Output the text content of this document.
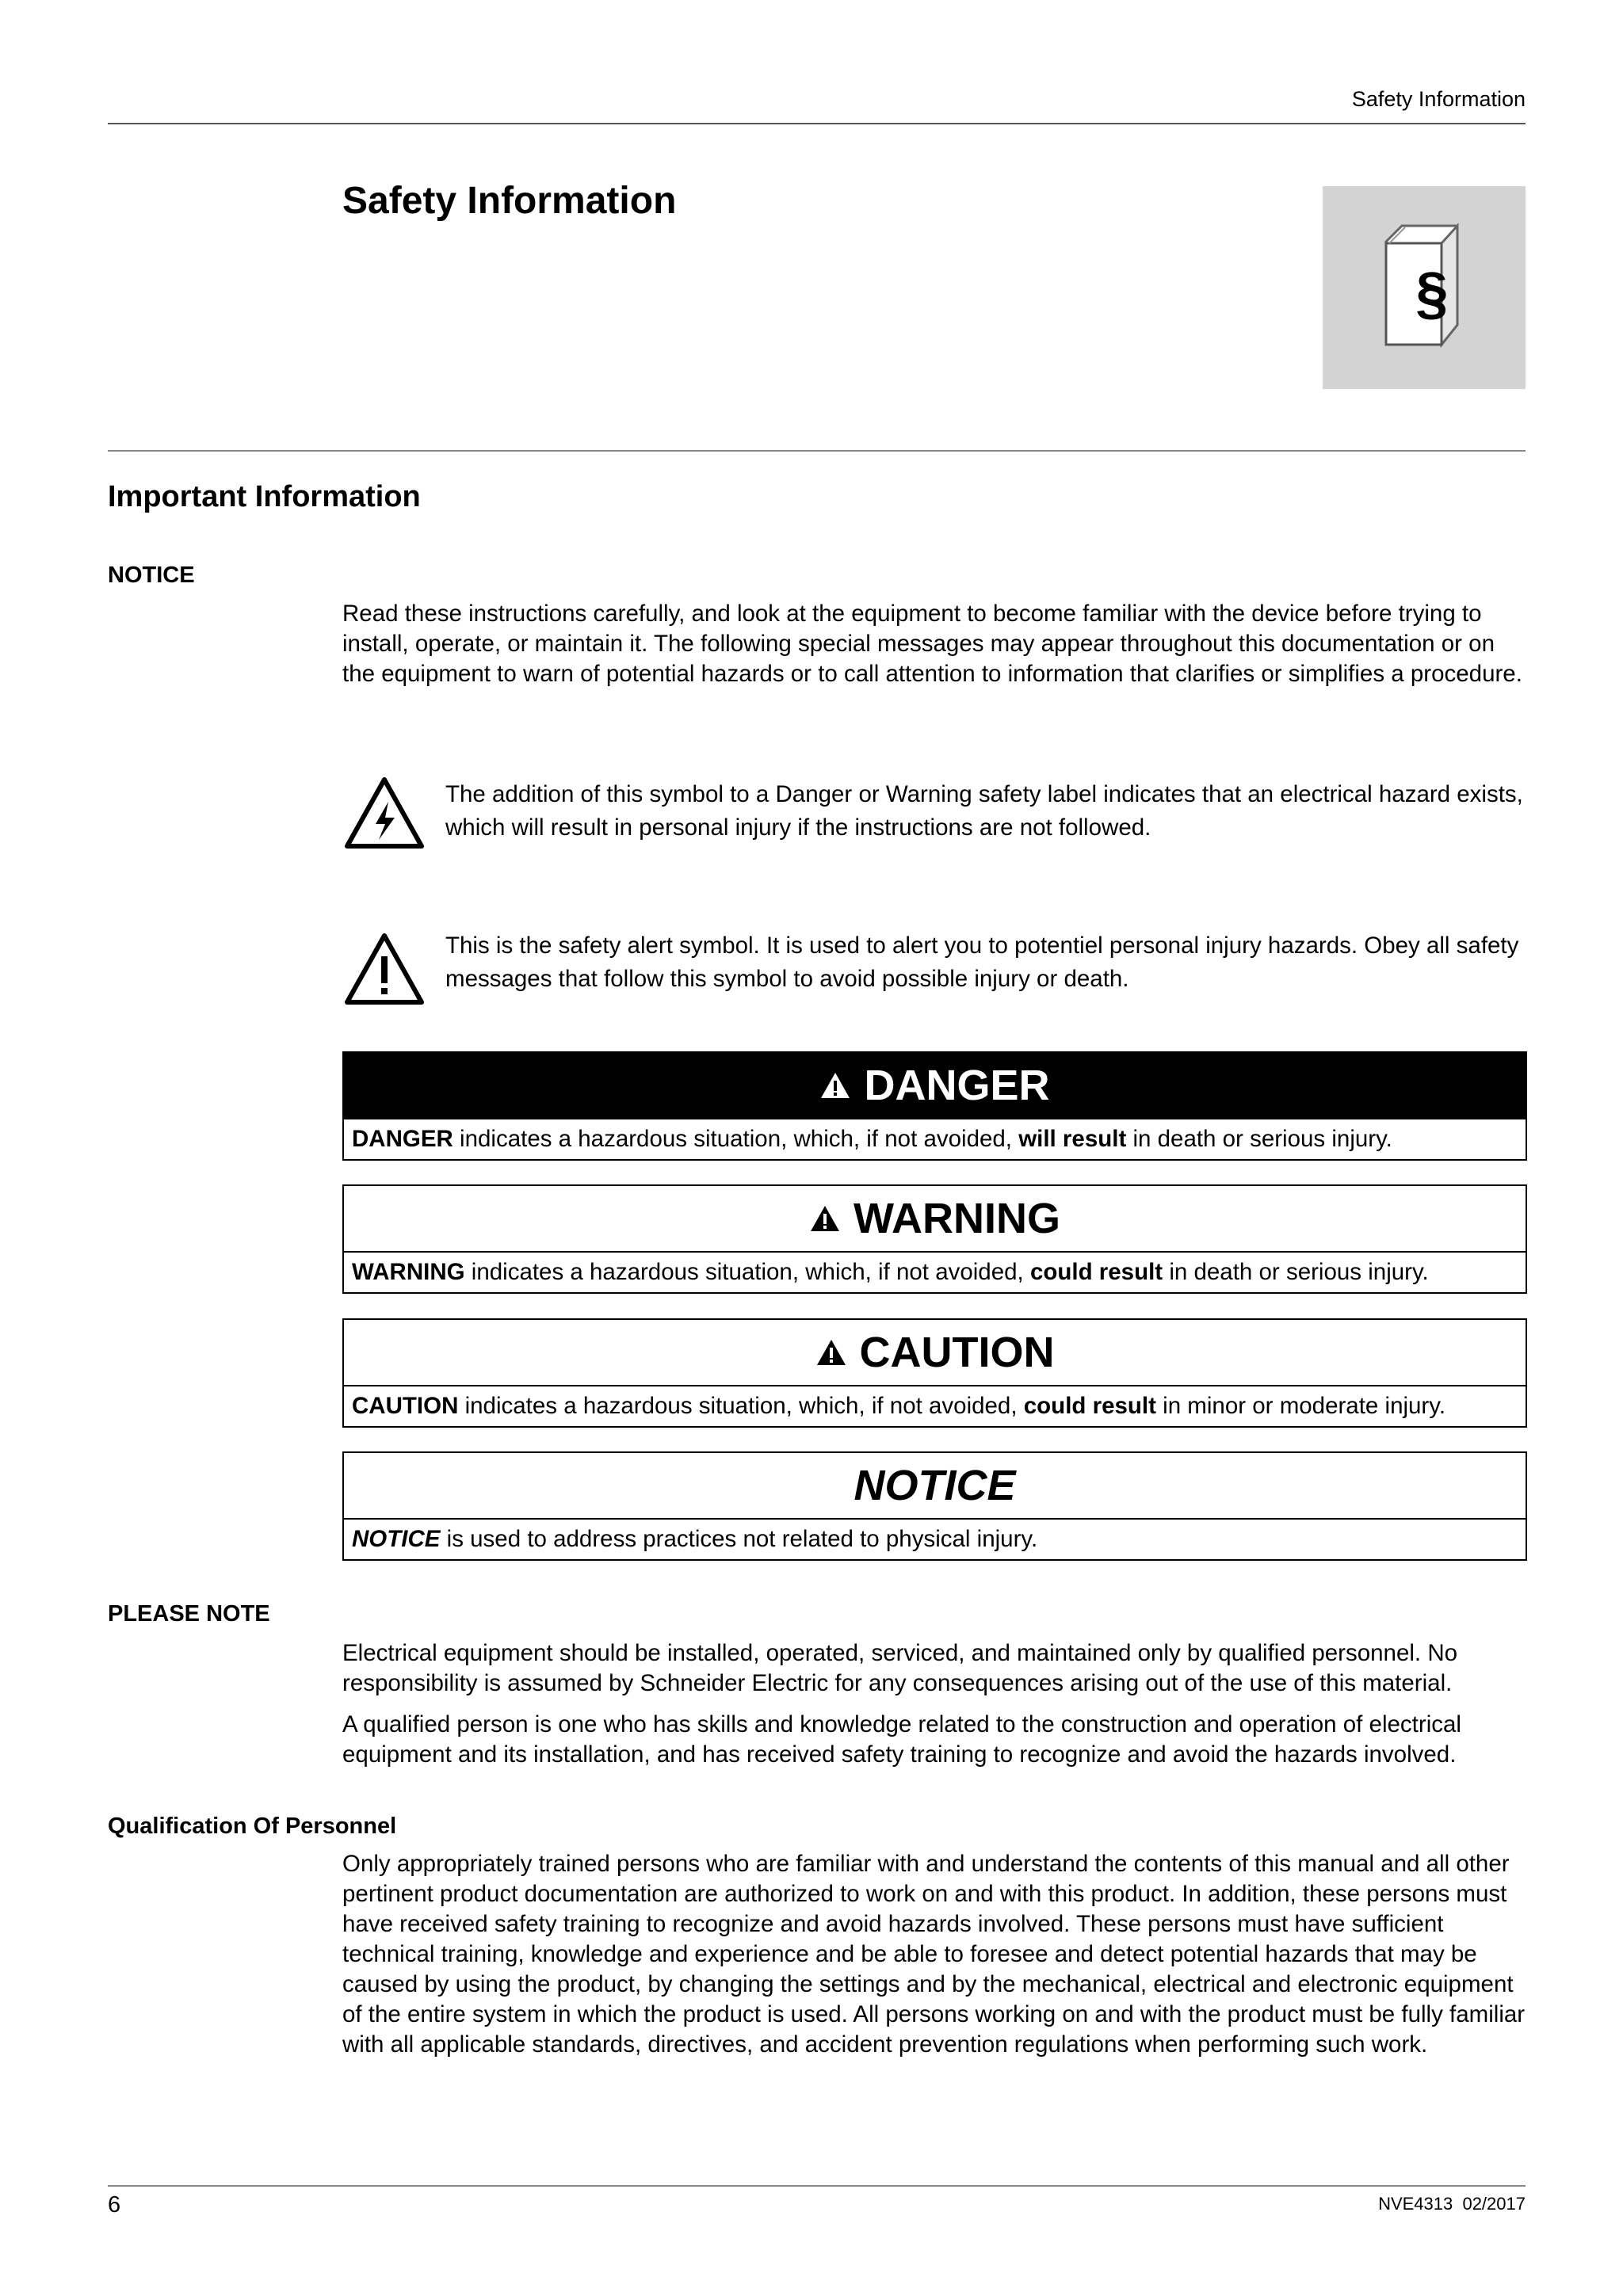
Safety Information
Safety Information
§
Important Information
NOTICE
Read these instructions carefully, and look at the equipment to become familiar with the device before trying to install, operate, or maintain it. The following special messages may appear throughout this documentation or on the equipment to warn of potential hazards or to call attention to information that clarifies or simplifies a procedure.
The addition of this symbol to a Danger or Warning safety label indicates that an electrical hazard exists, which will result in personal injury if the instructions are not followed.
This is the safety alert symbol. It is used to alert you to potentiel personal injury hazards. Obey all safety messages that follow this symbol to avoid possible injury or death.
DANGER
DANGER indicates a hazardous situation, which, if not avoided, will result in death or serious injury.
WARNING
WARNING indicates a hazardous situation, which, if not avoided, could result in death or serious injury.
CAUTION
CAUTION indicates a hazardous situation, which, if not avoided, could result in minor or moderate injury.
NOTICE
NOTICE is used to address practices not related to physical injury.
PLEASE NOTE

Electrical equipment should be installed, operated, serviced, and maintained only by qualified personnel. No responsibility is assumed by Schneider Electric for any consequences arising out of the use of this material.

A qualified person is one who has skills and knowledge related to the construction and operation of electrical equipment and its installation, and has received safety training to recognize and avoid the hazards involved.

Qualification Of Personnel
Only appropriately trained persons who are familiar with and understand the contents of this manual and all other pertinent product documentation are authorized to work on and with this product. In addition, these persons must have received safety training to recognize and avoid hazards involved. These persons must have sufficient technical training, knowledge and experience and be able to foresee and detect potential hazards that may be caused by using the product, by changing the settings and by the mechanical, electrical and electronic equipment of the entire system in which the product is used. All persons working on and with the product must be fully familiar with all applicable standards, directives, and accident prevention regulations when performing such work.
6	NVE4313  02/2017
